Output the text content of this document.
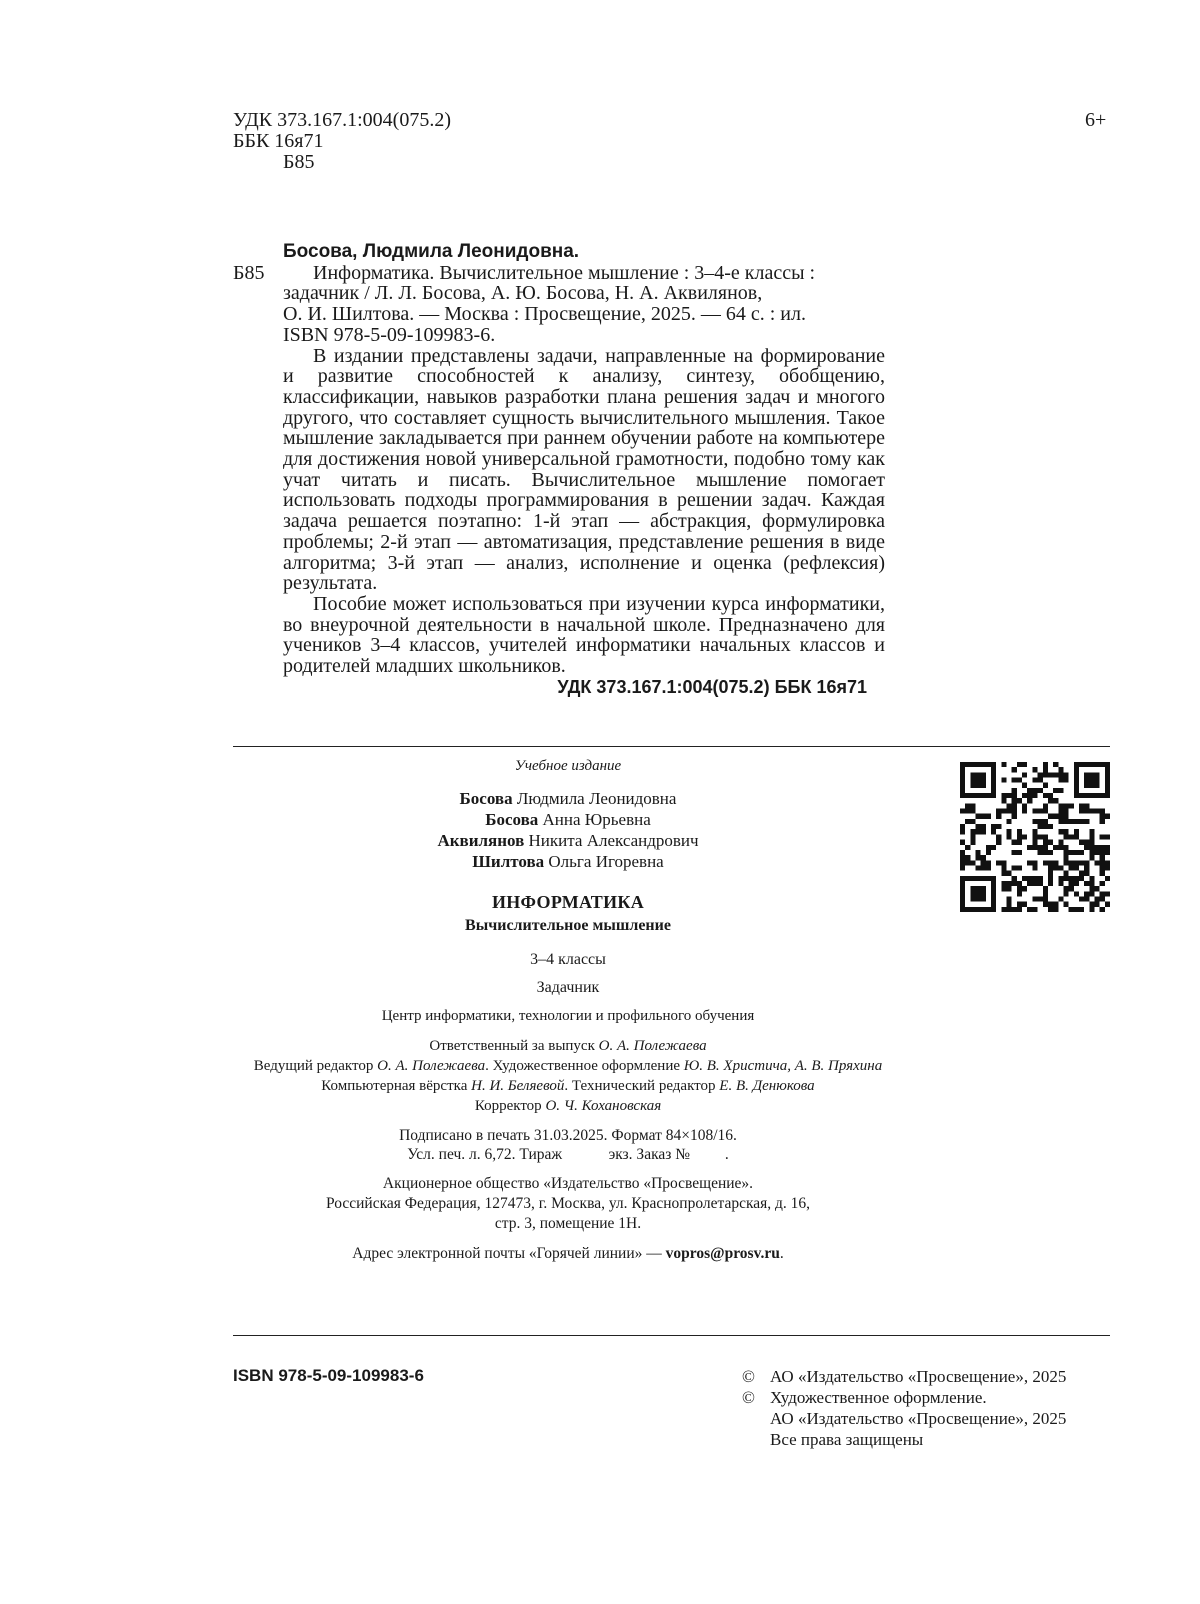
УДК 373.167.1:004(075.2)
ББК 16я71
Б85
6+
Босова, Людмила Леонидовна.
Б85	Информатика. Вычислительное мышление : 3–4-е классы :
задачник / Л. Л. Босова, А. Ю. Босова, Н. А. Аквилянов,
О. И. Шилтова. — Москва : Просвещение, 2025. — 64 с. : ил.
ISBN 978-5-09-109983-6.

В издании представлены задачи, направленные на формирование и развитие способностей к анализу, синтезу, обобщению, классификации, навыков разработки плана решения задач и многого другого, что составляет сущность вычислительного мышления. Такое мышление закладывается при раннем обучении работе на компьютере для достижения новой универсальной грамотности, подобно тому как учат читать и писать. Вычислительное мышление помогает использовать подходы программирования в решении задач. Каждая задача решается поэтапно: 1-й этап — абстракция, формулировка проблемы; 2-й этап — автоматизация, представление решения в виде алгоритма; 3-й этап — анализ, исполнение и оценка (рефлексия) результата.

Пособие может использоваться при изучении курса информатики, во внеурочной деятельности в начальной школе. Предназначено для учеников 3–4 классов, учителей информатики начальных классов и родителей младших школьников.

УДК 373.167.1:004(075.2) ББК 16я71
Учебное издание
Босова Людмила Леонидовна
Босова Анна Юрьевна
Аквилянов Никита Александрович
Шилтова Ольга Игоревна
ИНФОРМАТИКА
Вычислительное мышление
3–4 классы
Задачник
Центр информатики, технологии и профильного обучения
Ответственный за выпуск О. А. Полежаева
Ведущий редактор О. А. Полежаева. Художественное оформление Ю. В. Христича, А. В. Пряхина
Компьютерная вёрстка Н. И. Беляевой. Технический редактор Е. В. Денюкова
Корректор О. Ч. Кохановская
Подписано в печать 31.03.2025. Формат 84×108/16.
Усл. печ. л. 6,72. Тираж            экз. Заказ №         .
Акционерное общество «Издательство «Просвещение».
Российская Федерация, 127473, г. Москва, ул. Краснопролетарская, д. 16,
стр. 3, помещение 1Н.
Адрес электронной почты «Горячей линии» — vopros@prosv.ru.
ISBN 978-5-09-109983-6	© АО «Издательство «Просвещение», 2025
© Художественное оформление.
АО «Издательство «Просвещение», 2025
Все права защищены
